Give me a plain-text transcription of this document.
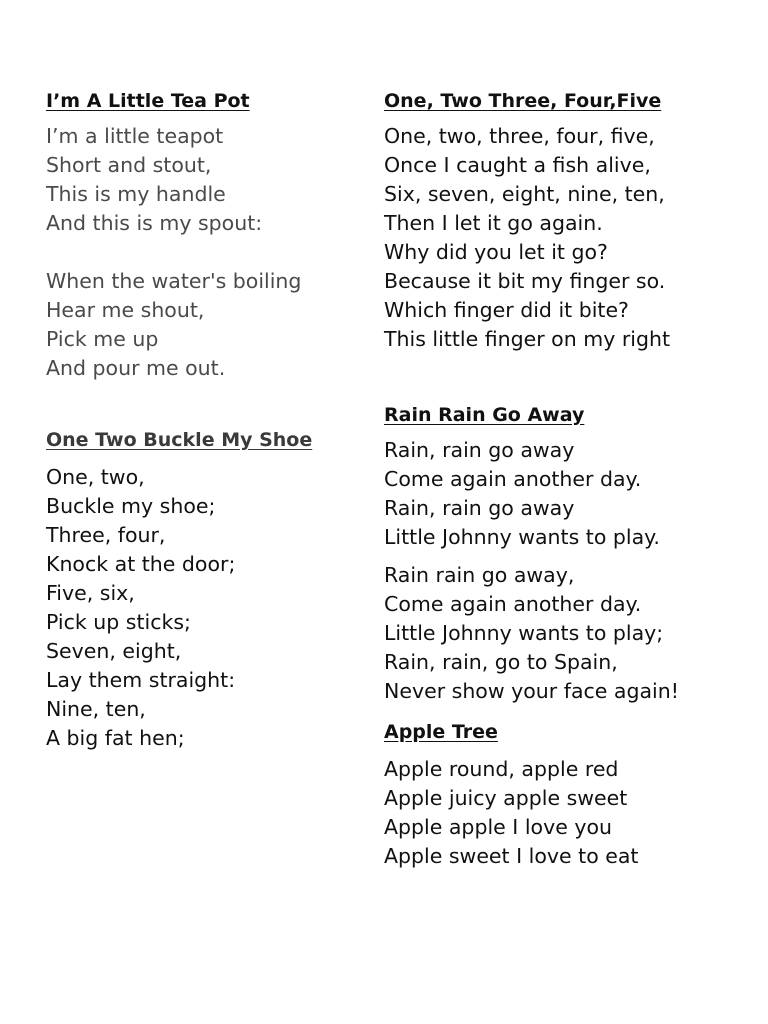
I’m A Little Tea Pot
I’m a little teapot
Short and stout,
This is my handle
And this is my spout:
When the water's boiling
Hear me shout,
Pick me up
And pour me out.
One Two Buckle My Shoe
One, two,
Buckle my shoe;
Three, four,
Knock at the door;
Five, six,
Pick up sticks;
Seven, eight,
Lay them straight:
Nine, ten,
A big fat hen;
One, Two Three, Four,Five
One, two, three, four, five,
Once I caught a fish alive,
Six, seven, eight, nine, ten,
Then I let it go again.
Why did you let it go?
Because it bit my finger so.
Which finger did it bite?
This little finger on my right
Rain Rain Go Away
Rain, rain go away
Come again another day.
Rain, rain go away
Little Johnny wants to play.
Rain rain go away,
Come again another day.
Little Johnny wants to play;
Rain, rain, go to Spain,
Never show your face again!
Apple Tree
Apple round, apple red
Apple juicy apple sweet
Apple apple I love you
Apple sweet I love to eat
